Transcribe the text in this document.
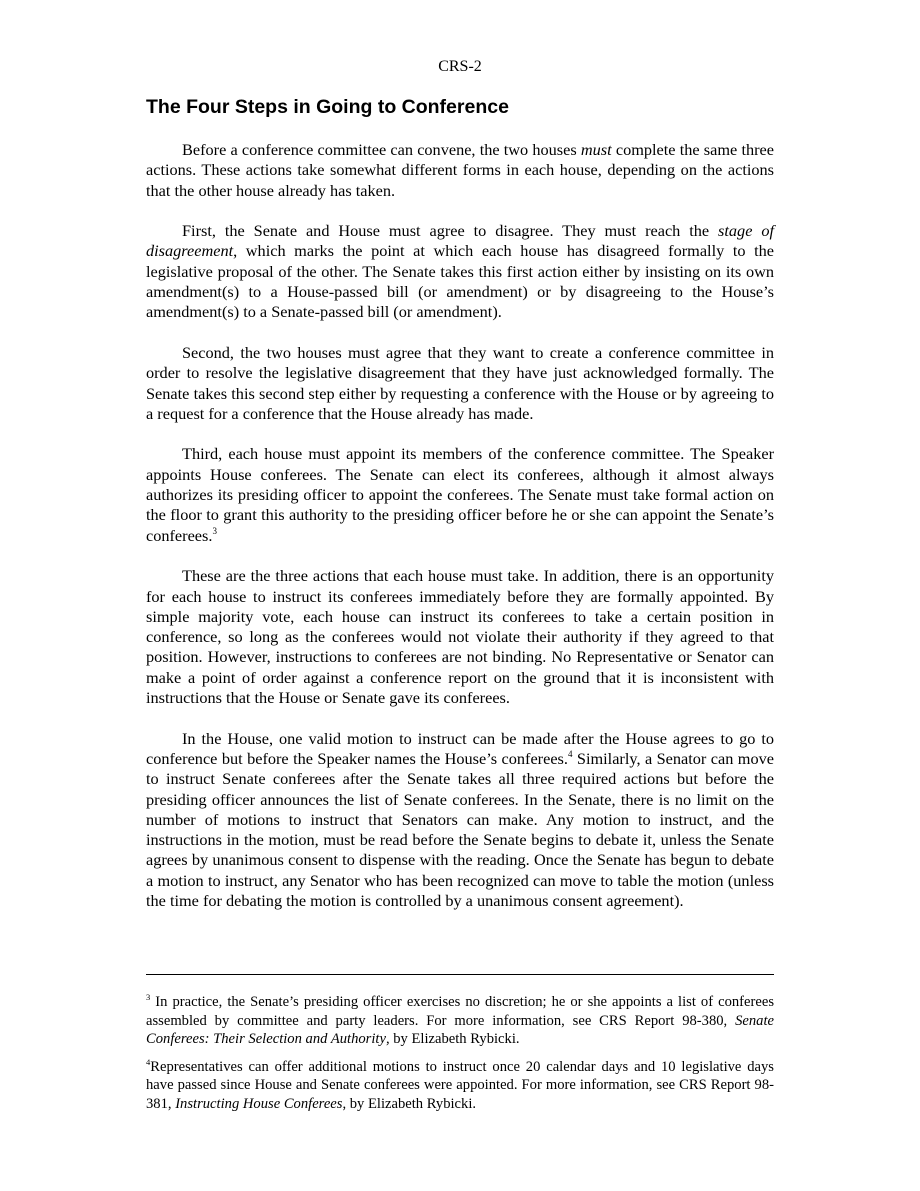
CRS-2
The Four Steps in Going to Conference

Before a conference committee can convene, the two houses must complete the same three actions. These actions take somewhat different forms in each house, depending on the actions that the other house already has taken.

First, the Senate and House must agree to disagree. They must reach the stage of disagreement, which marks the point at which each house has disagreed formally to the legislative proposal of the other. The Senate takes this first action either by insisting on its own amendment(s) to a House-passed bill (or amendment) or by disagreeing to the House’s amendment(s) to a Senate-passed bill (or amendment).

Second, the two houses must agree that they want to create a conference committee in order to resolve the legislative disagreement that they have just acknowledged formally. The Senate takes this second step either by requesting a conference with the House or by agreeing to a request for a conference that the House already has made.

Third, each house must appoint its members of the conference committee. The Speaker appoints House conferees. The Senate can elect its conferees, although it almost always authorizes its presiding officer to appoint the conferees. The Senate must take formal action on the floor to grant this authority to the presiding officer before he or she can appoint the Senate’s conferees.$^3$

These are the three actions that each house must take. In addition, there is an opportunity for each house to instruct its conferees immediately before they are formally appointed. By simple majority vote, each house can instruct its conferees to take a certain position in conference, so long as the conferees would not violate their authority if they agreed to that position. However, instructions to conferees are not binding. No Representative or Senator can make a point of order against a conference report on the ground that it is inconsistent with instructions that the House or Senate gave its conferees.

In the House, one valid motion to instruct can be made after the House agrees to go to conference but before the Speaker names the House’s conferees.$^4$ Similarly, a Senator can move to instruct Senate conferees after the Senate takes all three required actions but before the presiding officer announces the list of Senate conferees. In the Senate, there is no limit on the number of motions to instruct that Senators can make. Any motion to instruct, and the instructions in the motion, must be read before the Senate begins to debate it, unless the Senate agrees by unanimous consent to dispense with the reading. Once the Senate has begun to debate a motion to instruct, any Senator who has been recognized can move to table the motion (unless the time for debating the motion is controlled by a unanimous consent agreement).

$^3$ In practice, the Senate’s presiding officer exercises no discretion; he or she appoints a list of conferees assembled by committee and party leaders. For more information, see CRS Report 98-380, Senate Conferees: Their Selection and Authority, by Elizabeth Rybicki.

$^4$Representatives can offer additional motions to instruct once 20 calendar days and 10 legislative days have passed since House and Senate conferees were appointed. For more information, see CRS Report 98-381, Instructing House Conferees, by Elizabeth Rybicki.
